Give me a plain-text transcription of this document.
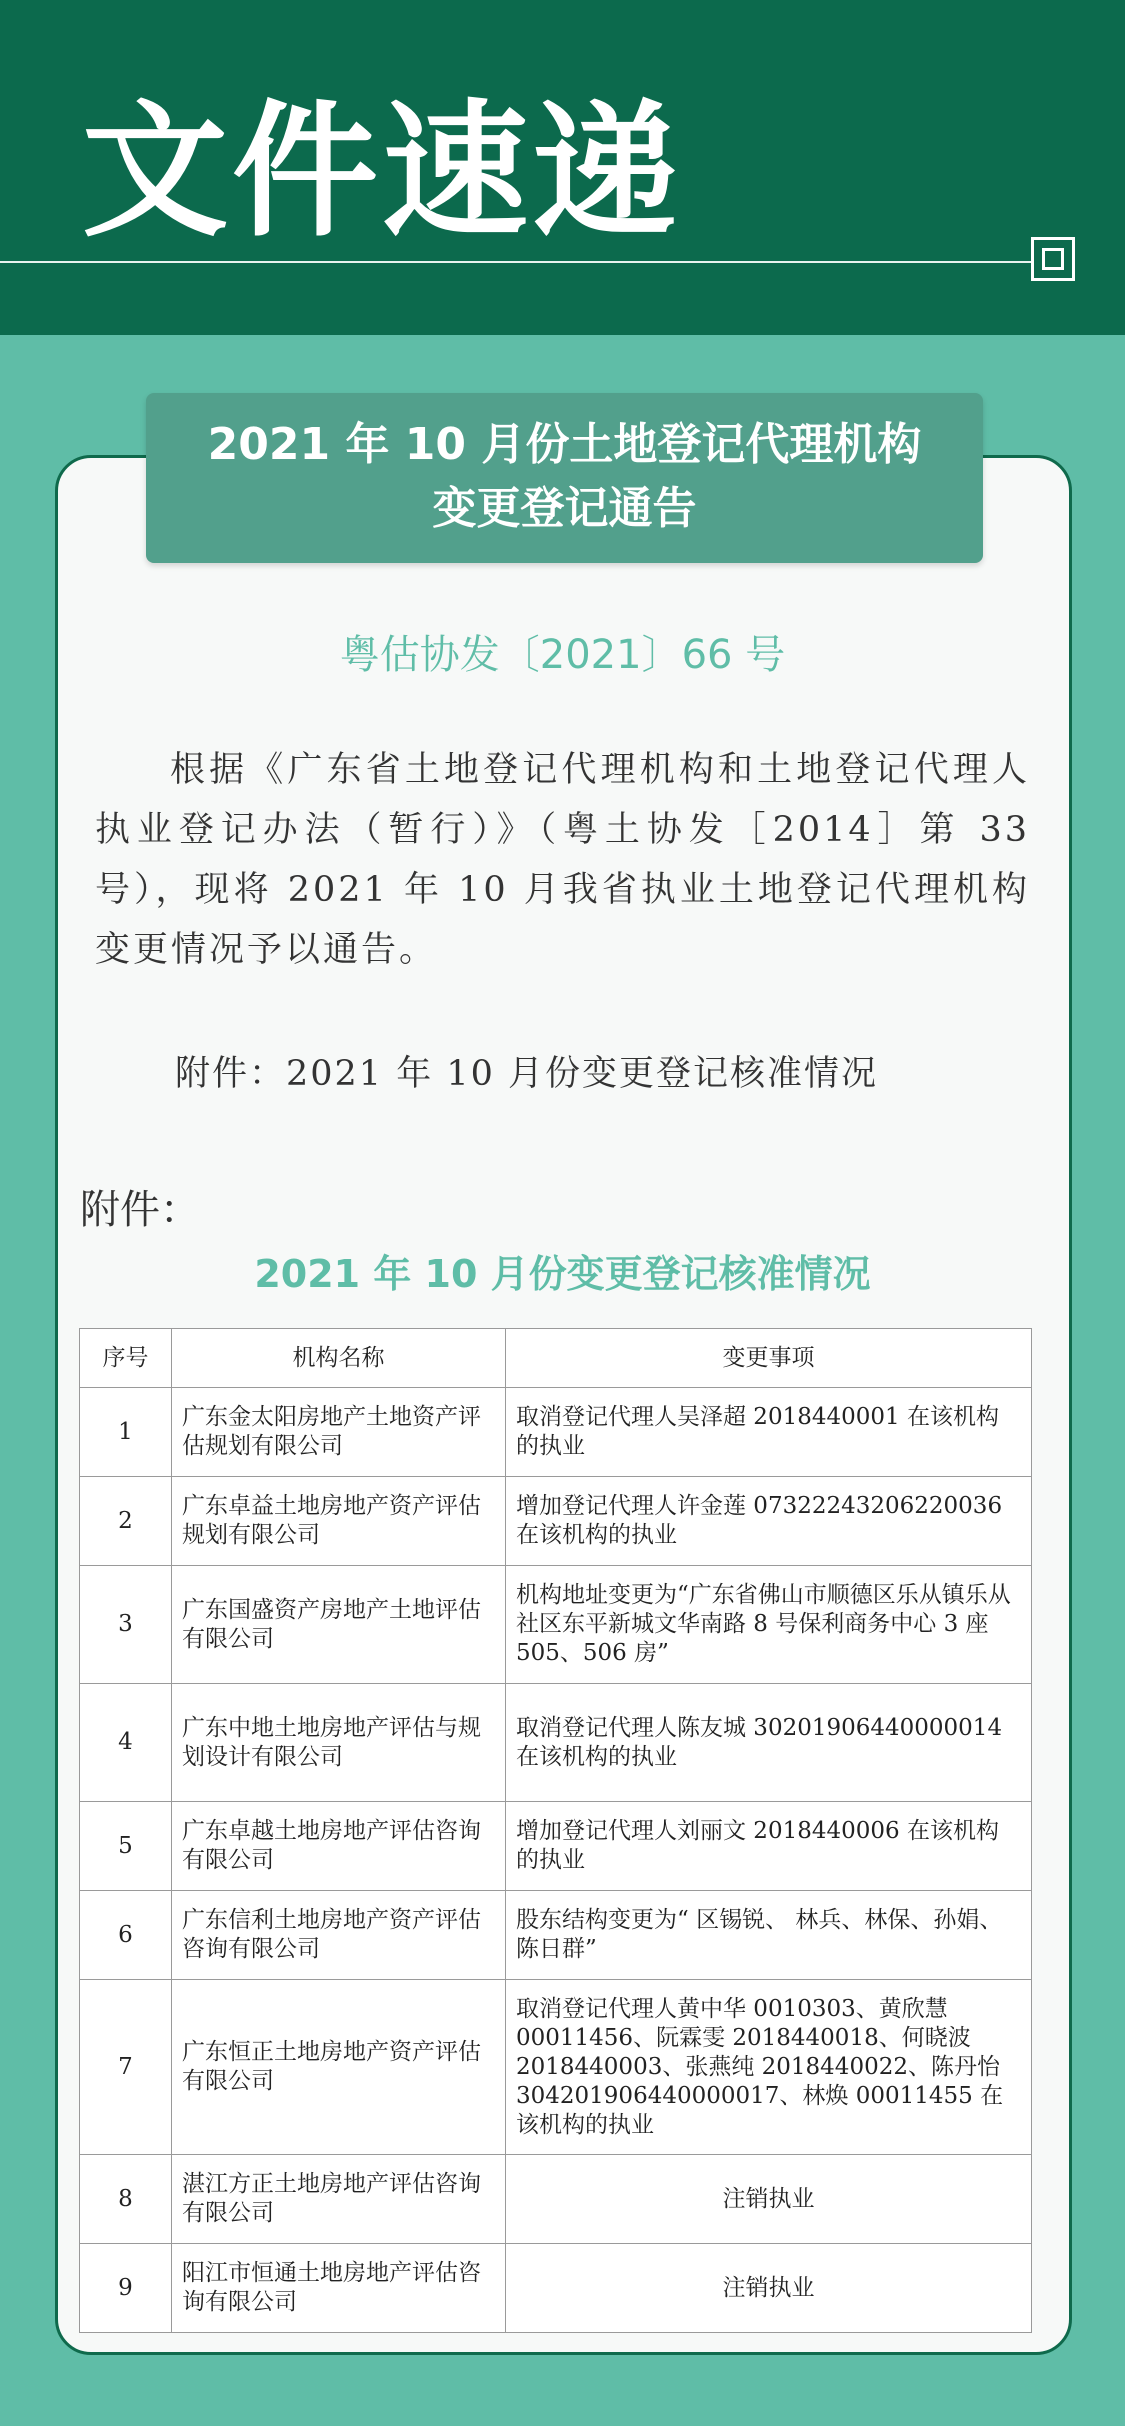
文件速递
2021 年 10 月份土地登记代理机构
变更登记通告
粤估协发〔2021〕66 号
根据《广东省土地登记代理机构和土地登记代理人执业登记办法（暂行）》（粤土协发［2014］第 33 号），现将 2021 年 10 月我省执业土地登记代理机构变更情况予以通告。
附件：2021 年 10 月份变更登记核准情况
附件：
2021 年 10 月份变更登记核准情况
序号	机构名称	变更事项
1	广东金太阳房地产土地资产评估规划有限公司	取消登记代理人吴泽超 2018440001 在该机构的执业
2	广东卓益土地房地产资产评估规划有限公司	增加登记代理人许金莲 07322243206220036 在该机构的执业
3	广东国盛资产房地产土地评估有限公司	机构地址变更为“广东省佛山市顺德区乐从镇乐从社区东平新城文华南路 8 号保利商务中心 3 座 505、506 房”
4	广东中地土地房地产评估与规划设计有限公司	取消登记代理人陈友城 30201906440000014 在该机构的执业
5	广东卓越土地房地产评估咨询有限公司	增加登记代理人刘丽文 2018440006 在该机构的执业
6	广东信利土地房地产资产评估咨询有限公司	股东结构变更为“ 区锡锐、 林兵、林保、孙娟、陈日群”
7	广东恒正土地房地产资产评估有限公司	取消登记代理人黄中华 0010303、黄欣慧 00011456、阮霖雯 2018440018、何晓波 2018440003、张燕纯 2018440022、陈丹怡 304201906440000017、林焕 00011455 在该机构的执业
8	湛江方正土地房地产评估咨询有限公司	注销执业
9	阳江市恒通土地房地产评估咨询有限公司	注销执业
